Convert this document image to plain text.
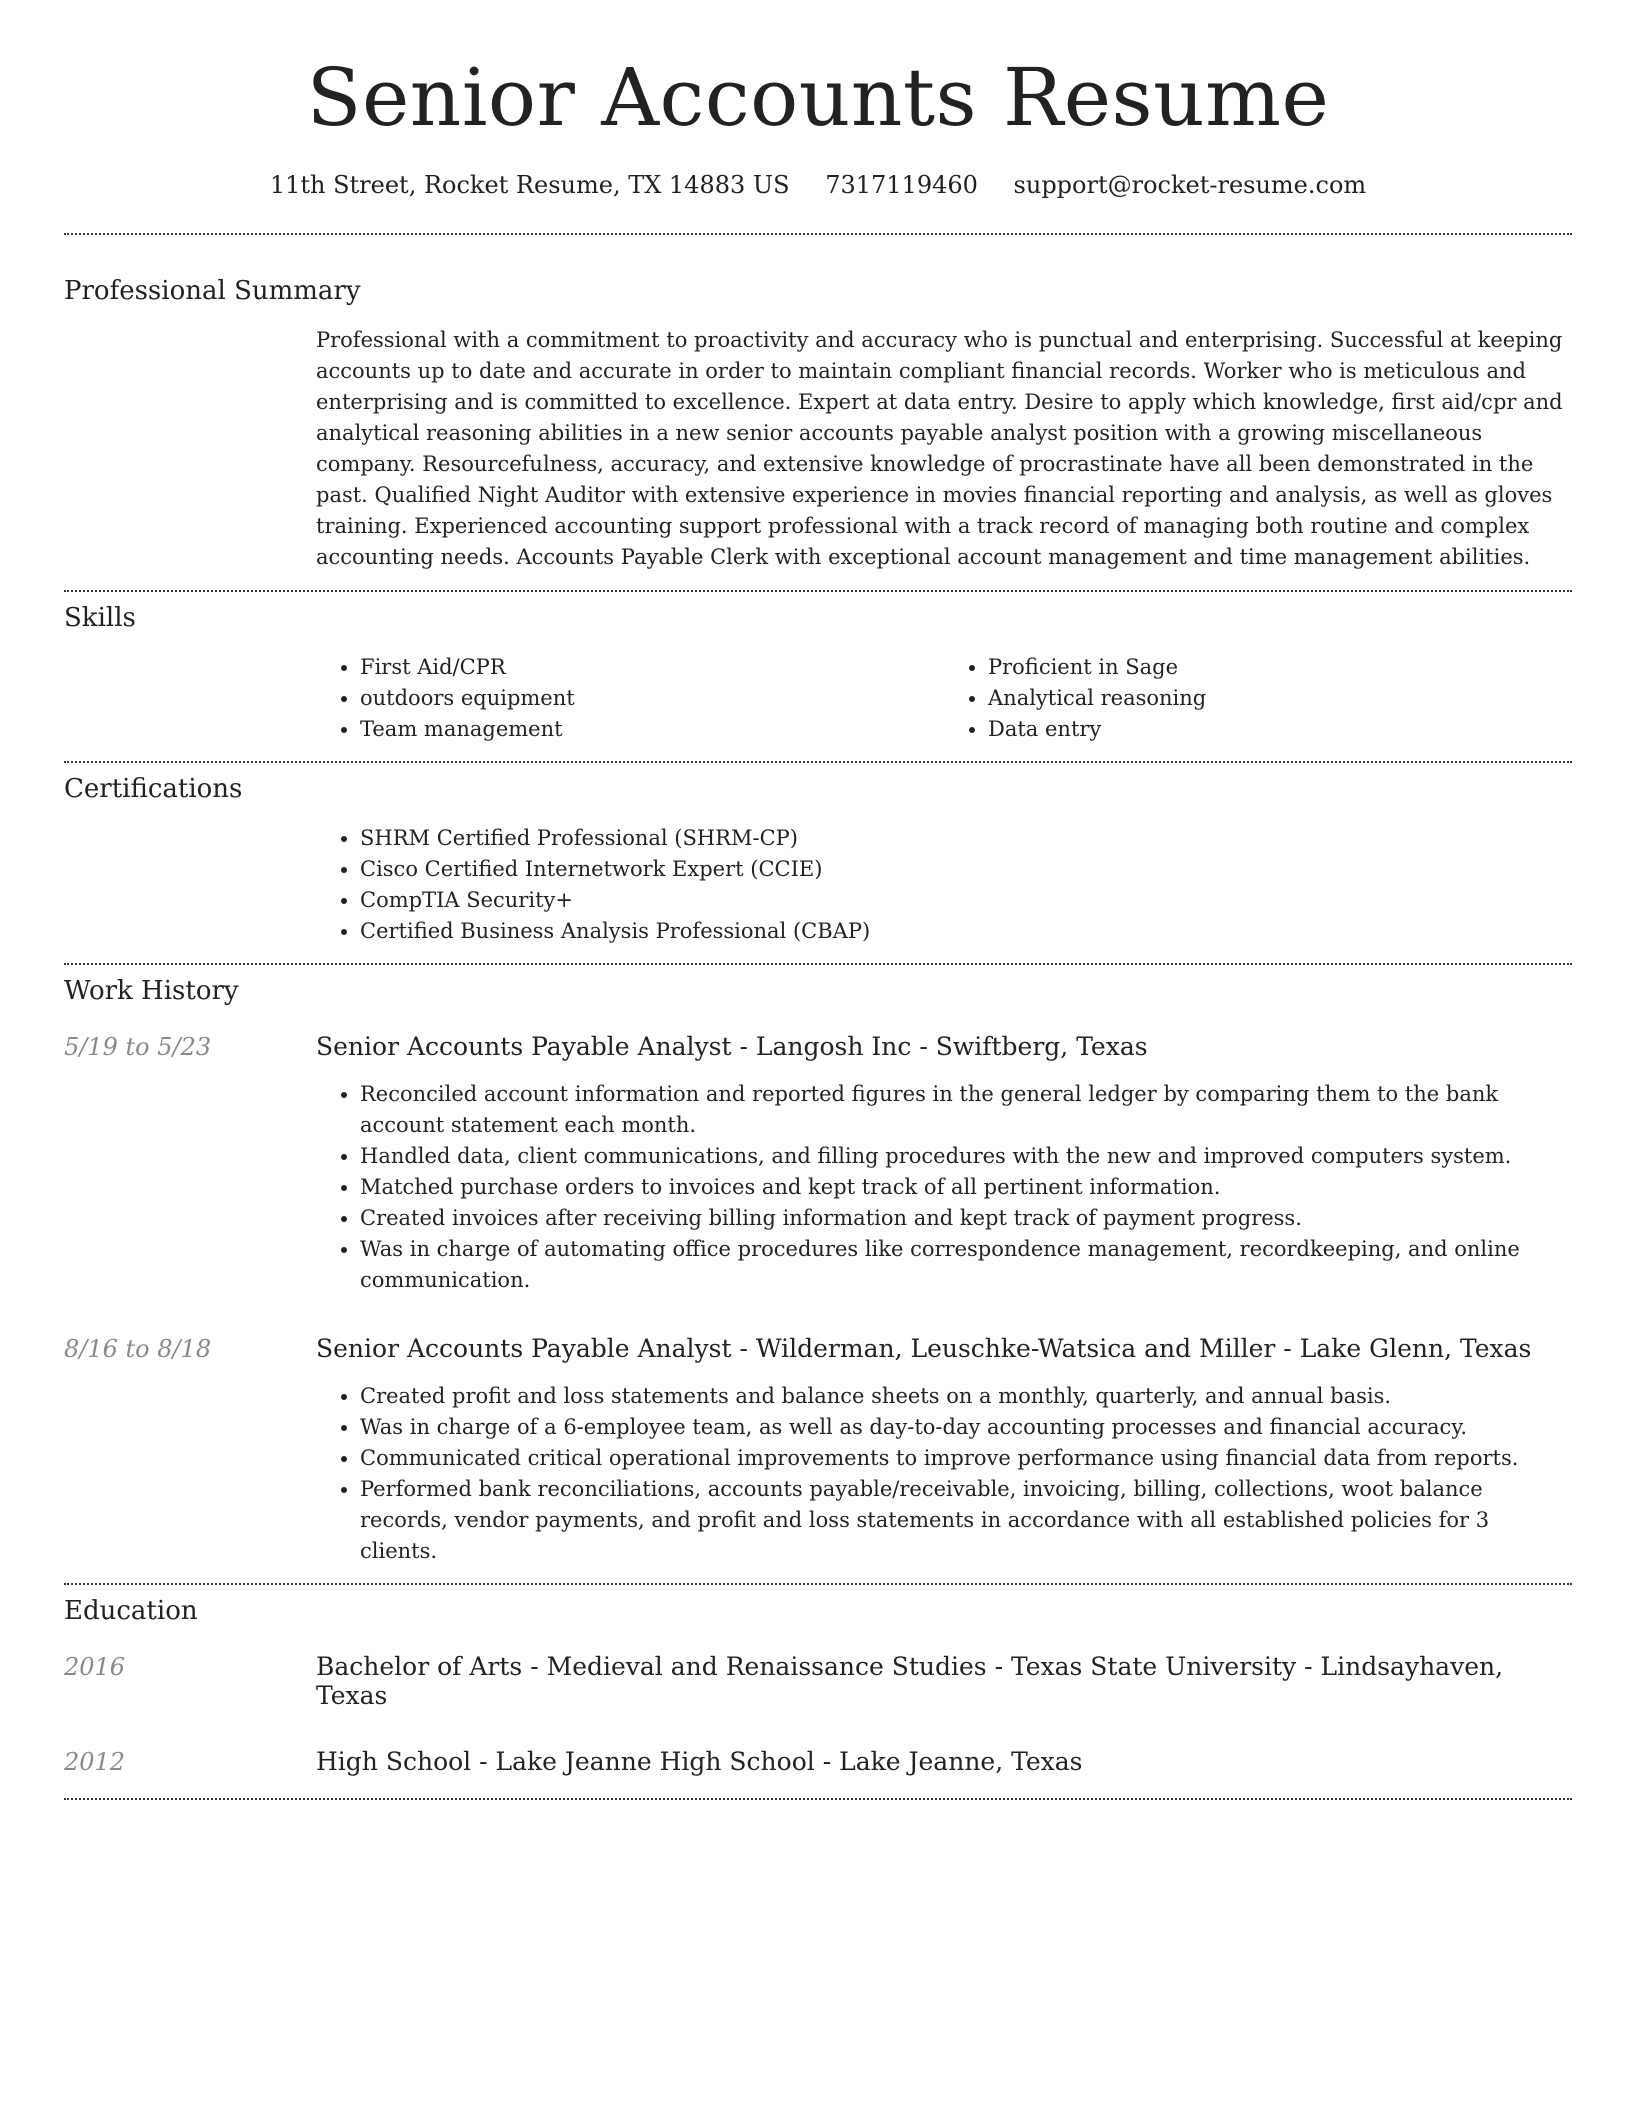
Senior Accounts Resume
11th Street, Rocket Resume, TX 14883 US 7317119460 support@rocket-resume.com
Professional Summary
Professional with a commitment to proactivity and accuracy who is punctual and enterprising. Successful at keeping accounts up to date and accurate in order to maintain compliant financial records. Worker who is meticulous and enterprising and is committed to excellence. Expert at data entry. Desire to apply which knowledge, first aid/cpr and analytical reasoning abilities in a new senior accounts payable analyst position with a growing miscellaneous company. Resourcefulness, accuracy, and extensive knowledge of procrastinate have all been demonstrated in the past. Qualified Night Auditor with extensive experience in movies financial reporting and analysis, as well as gloves training. Experienced accounting support professional with a track record of managing both routine and complex accounting needs. Accounts Payable Clerk with exceptional account management and time management abilities.
Skills
• First Aid/CPR
• outdoors equipment
• Team management
• Proficient in Sage
• Analytical reasoning
• Data entry
Certifications
• SHRM Certified Professional (SHRM-CP)
• Cisco Certified Internetwork Expert (CCIE)
• CompTIA Security+
• Certified Business Analysis Professional (CBAP)
Work History
5/19 to 5/23	Senior Accounts Payable Analyst - Langosh Inc - Swiftberg, Texas
• Reconciled account information and reported figures in the general ledger by comparing them to the bank account statement each month.
• Handled data, client communications, and filling procedures with the new and improved computers system.
• Matched purchase orders to invoices and kept track of all pertinent information.
• Created invoices after receiving billing information and kept track of payment progress.
• Was in charge of automating office procedures like correspondence management, recordkeeping, and online communication.
8/16 to 8/18	Senior Accounts Payable Analyst - Wilderman, Leuschke-Watsica and Miller - Lake Glenn, Texas
• Created profit and loss statements and balance sheets on a monthly, quarterly, and annual basis.
• Was in charge of a 6-employee team, as well as day-to-day accounting processes and financial accuracy.
• Communicated critical operational improvements to improve performance using financial data from reports.
• Performed bank reconciliations, accounts payable/receivable, invoicing, billing, collections, woot balance records, vendor payments, and profit and loss statements in accordance with all established policies for 3 clients.
Education
2016	Bachelor of Arts - Medieval and Renaissance Studies - Texas State University - Lindsayhaven, Texas
2012	High School - Lake Jeanne High School - Lake Jeanne, Texas
